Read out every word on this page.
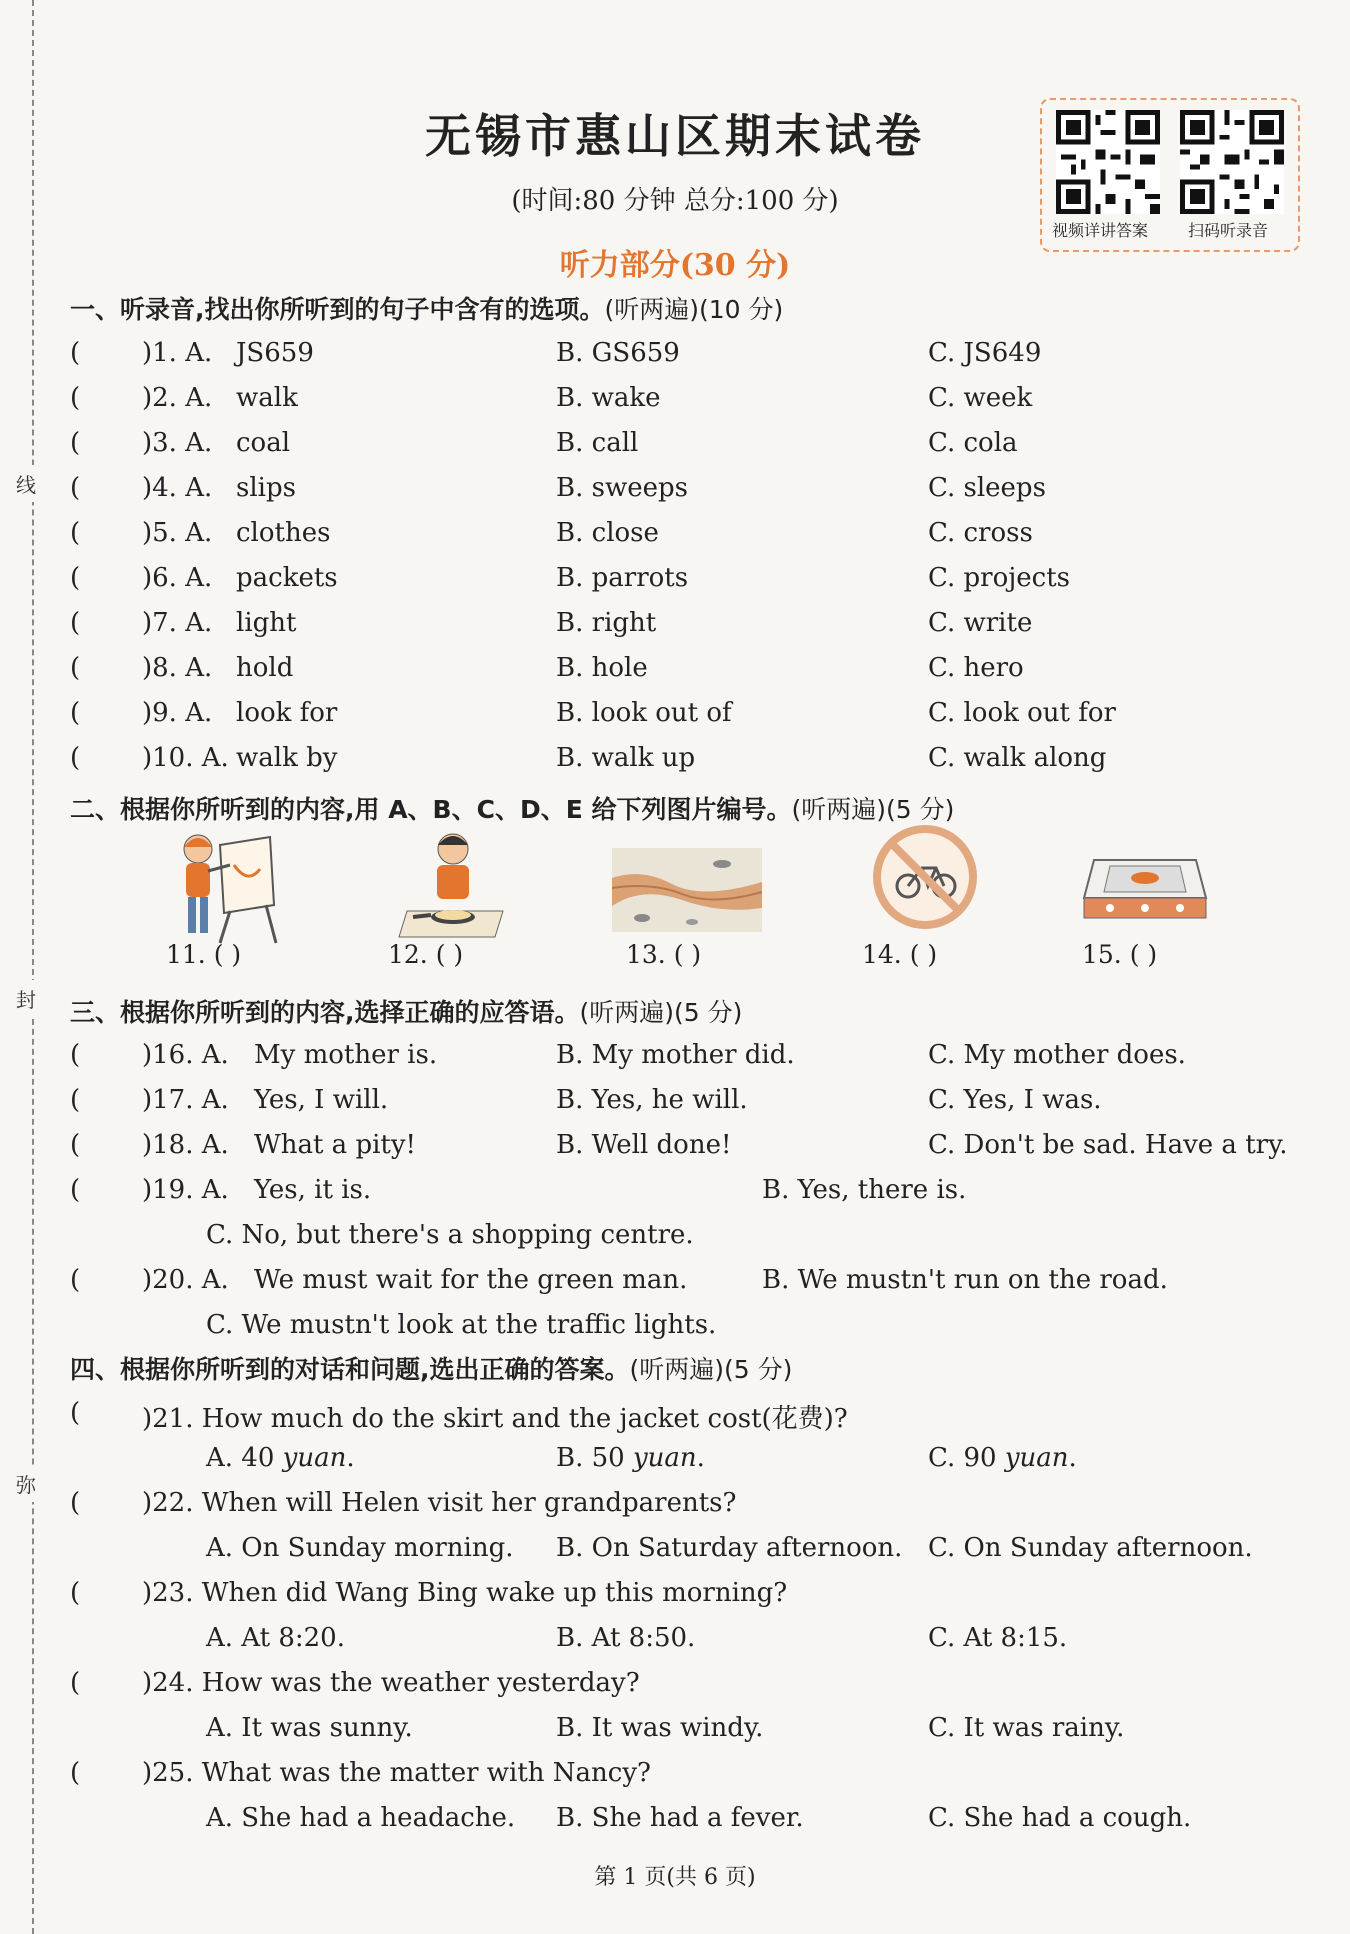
线
封
弥
无锡市惠山区期末试卷
(时间:80 分钟 总分:100 分)
听力部分(30 分)
视频详讲答案 扫码听录音
一、听录音,找出你所听到的句子中含有的选项。(听两遍)(10 分)
( )1. A. JS659	B. GS659	C. JS649
( )2. A. walk	B. wake	C. week
( )3. A. coal	B. call	C. cola
( )4. A. slips	B. sweeps	C. sleeps
( )5. A. clothes	B. close	C. cross
( )6. A. packets	B. parrots	C. projects
( )7. A. light	B. right	C. write
( )8. A. hold	B. hole	C. hero
( )9. A. look for	B. look out of	C. look out for
( )10. A. walk by	B. walk up	C. walk along
二、根据你所听到的内容,用 A、B、C、D、E 给下列图片编号。(听两遍)(5 分)
11. ( )	12. ( )	13. ( )	14. ( )	15. ( )
三、根据你所听到的内容,选择正确的应答语。(听两遍)(5 分)
( )16. A. My mother is.	B. My mother did.	C. My mother does.
( )17. A. Yes, I will.	B. Yes, he will.	C. Yes, I was.
( )18. A. What a pity!	B. Well done!	C. Don't be sad. Have a try.
( )19. A. Yes, it is.	B. Yes, there is.
C. No, but there's a shopping centre.
( )20. A. We must wait for the green man.	B. We mustn't run on the road.
C. We mustn't look at the traffic lights.
四、根据你所听到的对话和问题,选出正确的答案。(听两遍)(5 分)
( )21. How much do the skirt and the jacket cost(花费)?
A. 40 yuan.	B. 50 yuan.	C. 90 yuan.
( )22. When will Helen visit her grandparents?
A. On Sunday morning. B. On Saturday afternoon. C. On Sunday afternoon.
( )23. When did Wang Bing wake up this morning?
A. At 8:20.	B. At 8:50.	C. At 8:15.
( )24. How was the weather yesterday?
A. It was sunny.	B. It was windy.	C. It was rainy.
( )25. What was the matter with Nancy?
A. She had a headache. B. She had a fever.	C. She had a cough.
第 1 页(共 6 页)
